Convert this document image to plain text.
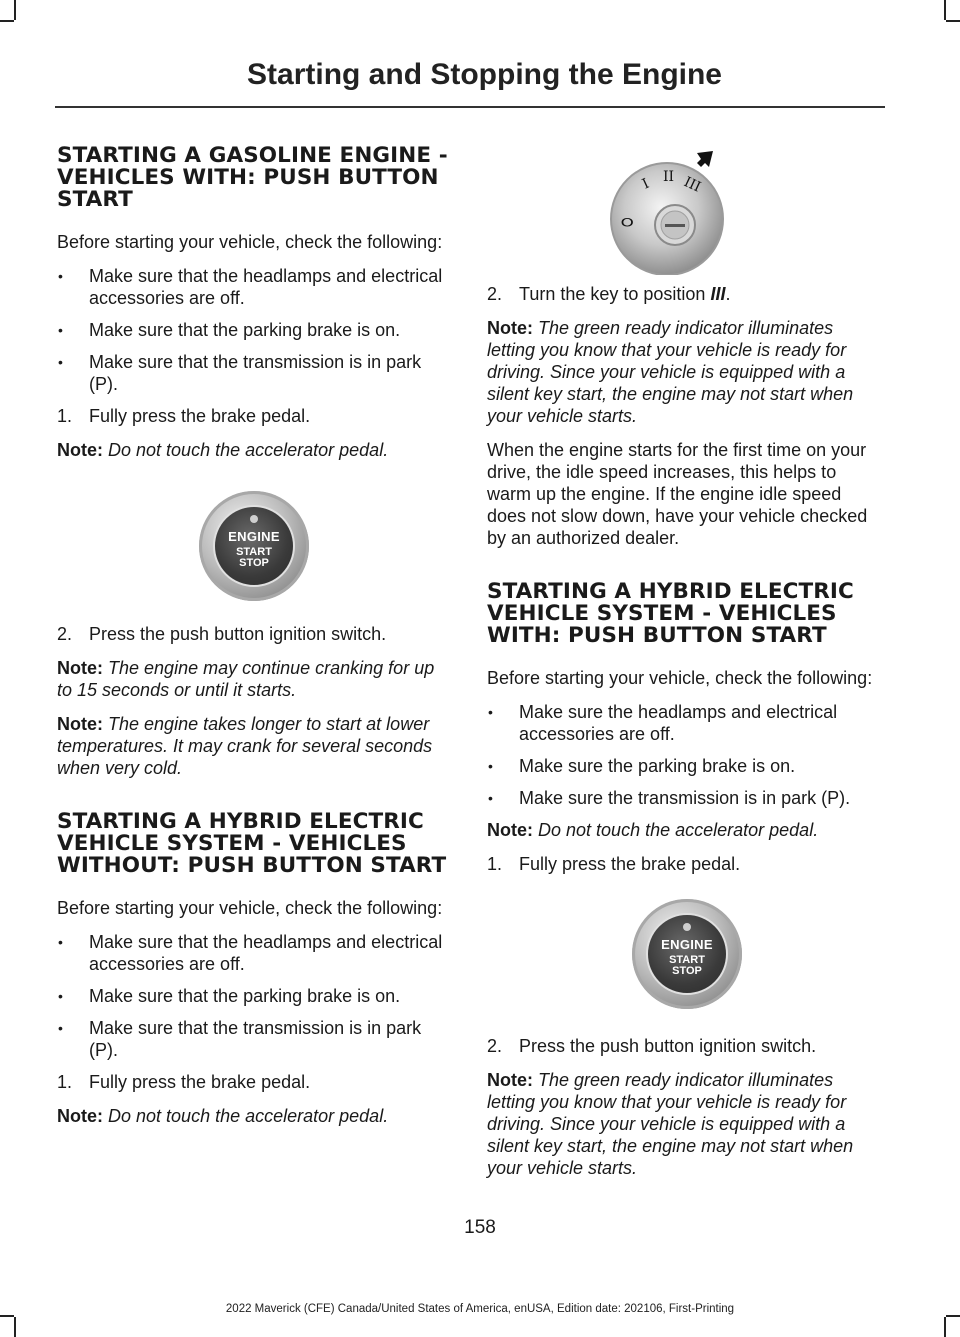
Starting and Stopping the Engine
STARTING A GASOLINE ENGINE - VEHICLES WITH: PUSH BUTTON START

Before starting your vehicle, check the following:

• Make sure that the headlamps and electrical accessories are off.
• Make sure that the parking brake is on.
• Make sure that the transmission is in park (P).
1. Fully press the brake pedal.

Note: Do not touch the accelerator pedal.

ENGINE
START
STOP
2. Press the push button ignition switch.

Note: The engine may continue cranking for up to 15 seconds or until it starts.

Note: The engine takes longer to start at lower temperatures. It may crank for several seconds when very cold.

STARTING A HYBRID ELECTRIC VEHICLE SYSTEM - VEHICLES WITHOUT: PUSH BUTTON START

Before starting your vehicle, check the following:

• Make sure that the headlamps and electrical accessories are off.
• Make sure that the parking brake is on.
• Make sure that the transmission is in park (P).
1. Fully press the brake pedal.

Note: Do not touch the accelerator pedal.

I II III
O
2. Turn the key to position III.

Note: The green ready indicator illuminates letting you know that your vehicle is ready for driving. Since your vehicle is equipped with a silent key start, the engine may not start when your vehicle starts.

When the engine starts for the first time on your drive, the idle speed increases, this helps to warm up the engine. If the engine idle speed does not slow down, have your vehicle checked by an authorized dealer.

STARTING A HYBRID ELECTRIC VEHICLE SYSTEM - VEHICLES WITH: PUSH BUTTON START

Before starting your vehicle, check the following:

• Make sure the headlamps and electrical accessories are off.
• Make sure the parking brake is on.
• Make sure the transmission is in park (P).

Note: Do not touch the accelerator pedal.

1. Fully press the brake pedal.
ENGINE
START
STOP
2. Press the push button ignition switch.

Note: The green ready indicator illuminates letting you know that your vehicle is ready for driving. Since your vehicle is equipped with a silent key start, the engine may not start when your vehicle starts.

158
2022 Maverick (CFE) Canada/United States of America, enUSA, Edition date: 202106, First-Printing
